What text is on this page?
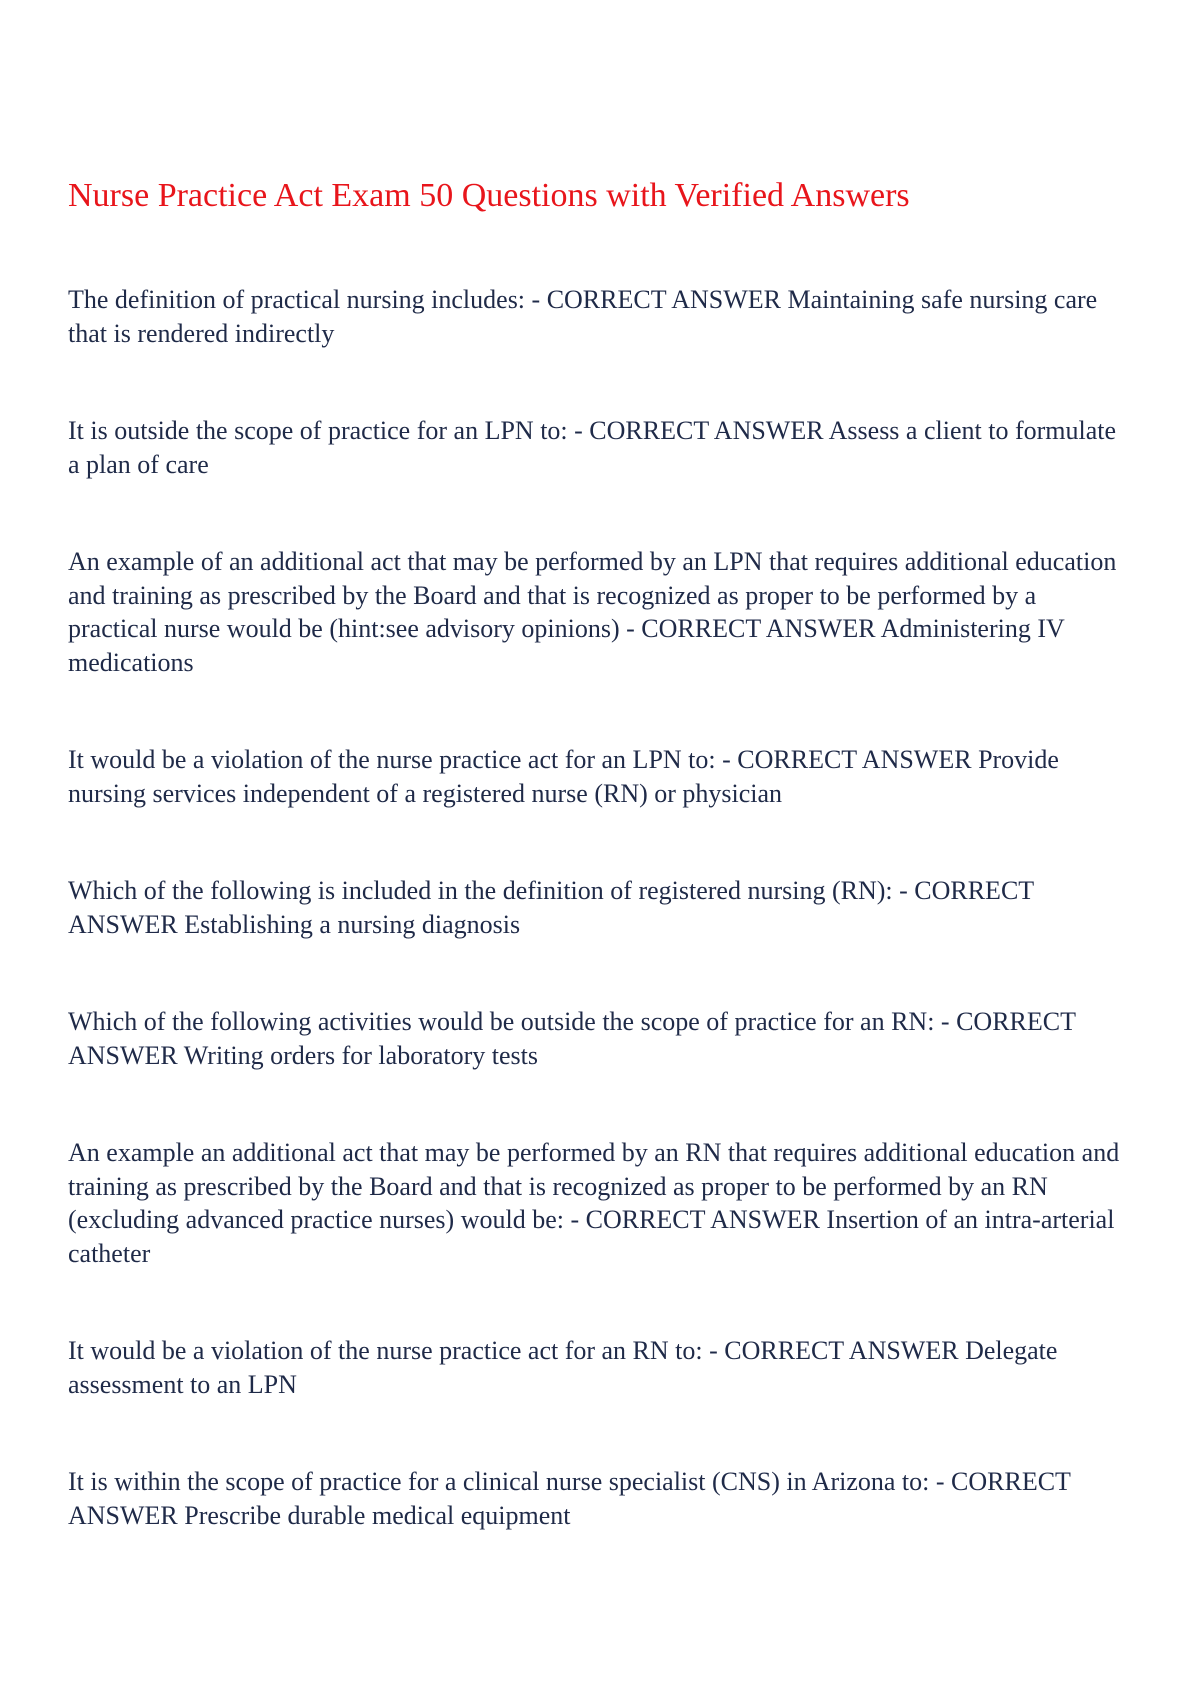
Nurse Practice Act Exam 50 Questions with Verified Answers

The definition of practical nursing includes: - CORRECT ANSWER Maintaining safe nursing care that is rendered indirectly

It is outside the scope of practice for an LPN to: - CORRECT ANSWER Assess a client to formulate a plan of care

An example of an additional act that may be performed by an LPN that requires additional education and training as prescribed by the Board and that is recognized as proper to be performed by a practical nurse would be (hint:see advisory opinions) - CORRECT ANSWER Administering IV medications

It would be a violation of the nurse practice act for an LPN to: - CORRECT ANSWER Provide nursing services independent of a registered nurse (RN) or physician

Which of the following is included in the definition of registered nursing (RN): - CORRECT ANSWER Establishing a nursing diagnosis

Which of the following activities would be outside the scope of practice for an RN: - CORRECT ANSWER Writing orders for laboratory tests

An example an additional act that may be performed by an RN that requires additional education and training as prescribed by the Board and that is recognized as proper to be performed by an RN (excluding advanced practice nurses) would be: - CORRECT ANSWER Insertion of an intra-arterial catheter

It would be a violation of the nurse practice act for an RN to: - CORRECT ANSWER Delegate assessment to an LPN

It is within the scope of practice for a clinical nurse specialist (CNS) in Arizona to: - CORRECT ANSWER Prescribe durable medical equipment
